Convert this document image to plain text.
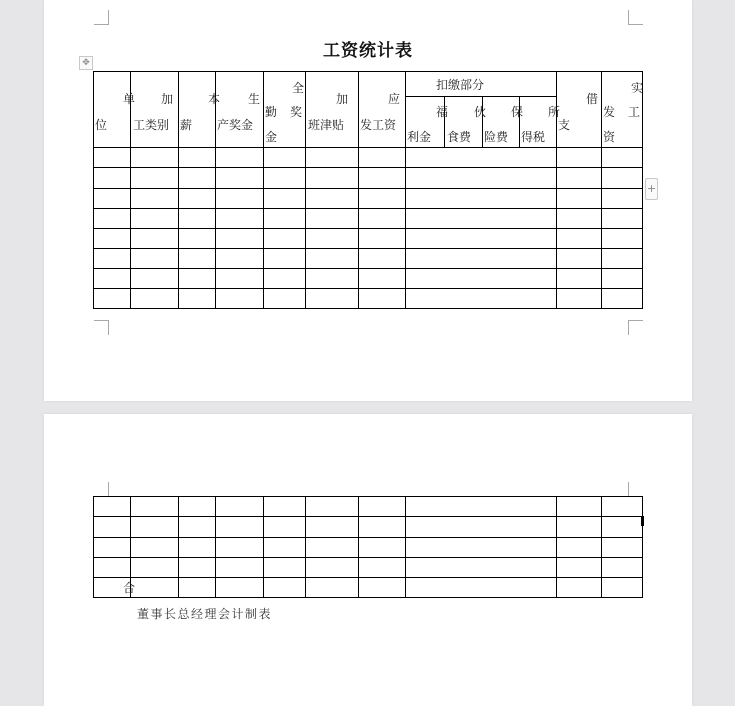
工资统计表
✥
+
单
位
加
工类别
本
薪
生
产奖金
全
勤 奖
金
加
班津贴
应
发工资
扣缴部分
福
利金
伙
食费
保
险费
所
得税
借
支
实
发 工
资
合
董事长总经理会计制表
